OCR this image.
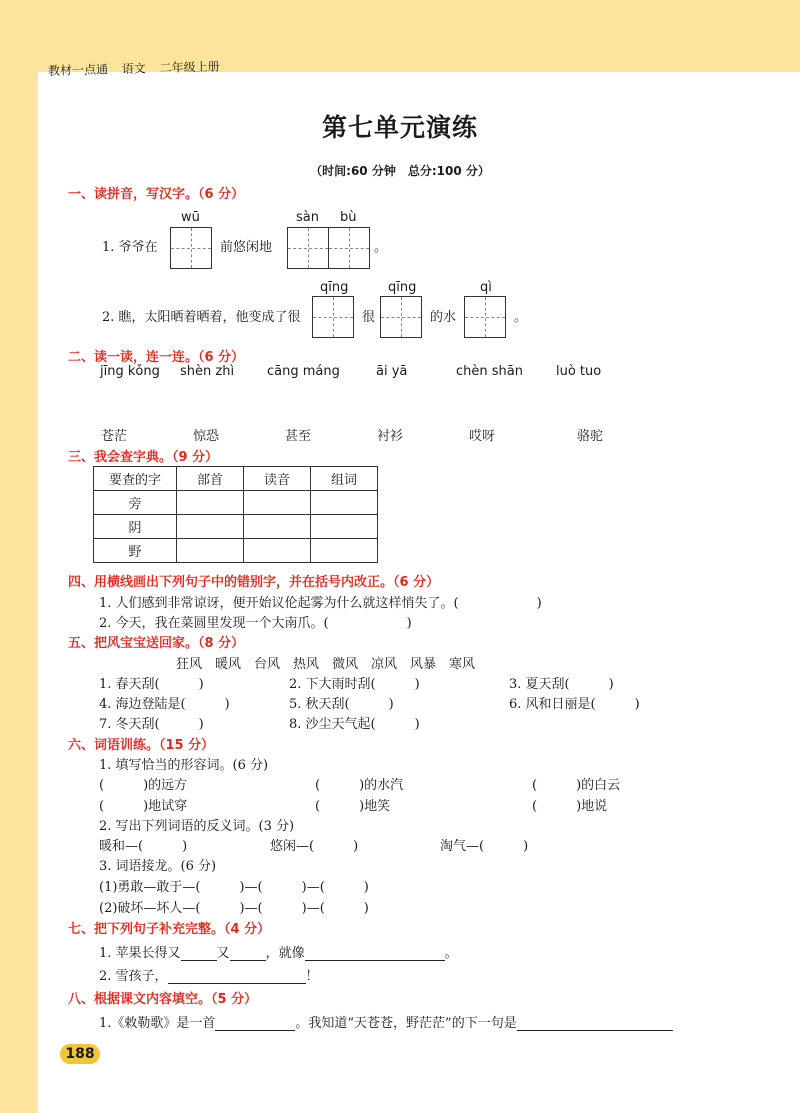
教材一点通 语文 二年级上册
第七单元演练
（时间:60 分钟　总分:100 分）
一、读拼音，写汉字。（6 分）
wū	sàn bù
1. 爷爷在	前悠闲地	。
qīng	qīng	qì
2. 瞧，太阳晒着晒着，他变成了很	很	的水	。
二、读一读，连一连。（6 分）
jīng kǒng shèn zhì	cāng máng	āi yā	chèn shān	luò tuo
苍茫	惊恐	甚至	衬衫	哎呀	骆驼
三、我会查字典。（9 分）
要查的字	部首	读音	组词
旁			
阴			
野			
四、用横线画出下列句子中的错别字，并在括号内改正。（6 分）
1. 人们感到非常谅讶，便开始议伦起雾为什么就这样悄失了。(　　　　　　)
2. 今天，我在菜圆里发现一个大南爪。(　　　　　　)
五、把风宝宝送回家。（8 分）
狂风　暖风　台风　热风　微风　凉风　风暴　寒风
1. 春天刮(　　　)	2. 下大雨时刮(　　　)	3. 夏天刮(　　　)
4. 海边登陆是(　　　)	5. 秋天刮(　　　)	6. 风和日丽是(　　　)
7. 冬天刮(　　　)	8. 沙尘天气起(　　　)
六、词语训练。（15 分）
1. 填写恰当的形容词。(6 分)
(　　　)的远方	(　　　)的水汽	(　　　)的白云
(　　　)地试穿	(　　　)地笑	(　　　)地说
2. 写出下列词语的反义词。(3 分)
暖和—(　　　)	悠闲—(　　　)	淘气—(　　　)
3. 词语接龙。(6 分)
(1)勇敢—敢于—(　　　)—(　　　)—(　　　)
(2)破坏—坏人—(　　　)—(　　　)—(　　　)
七、把下列句子补充完整。（4 分）
1. 苹果长得又	又	，就像	。
2. 雪孩子，	！
八、根据课文内容填空。（5 分）
1.《敕勒歌》是一首	。我知道“天苍苍，野茫茫”的下一句是
188
